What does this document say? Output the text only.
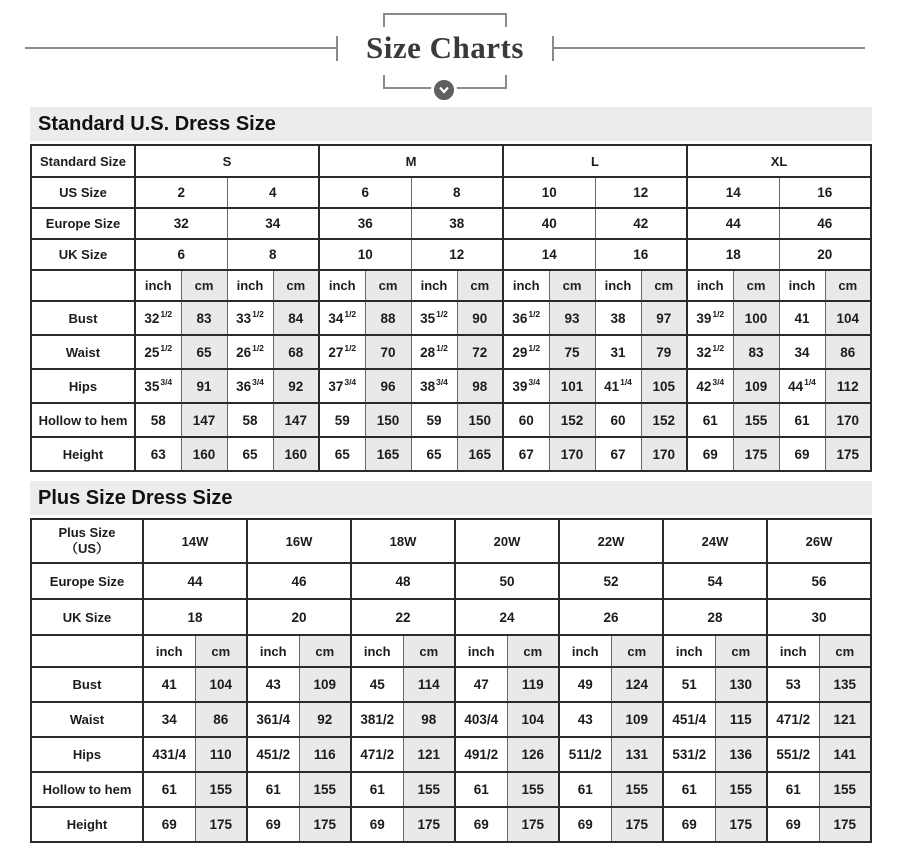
Size Charts
Standard U.S. Dress Size
Standard Size	S				M				L				XL			
US Size	2		4		6		8		10		12		14		16	
Europe Size	32		34		36		38		40		42		44		46	
UK Size	6		8		10		12		14		16		18		20	
	inch	cm	inch	cm	inch	cm	inch	cm	inch	cm	inch	cm	inch	cm	inch	cm
Bust	$32^{1/2}$	83	$33^{1/2}$	84	$34^{1/2}$	88	$35^{1/2}$	90	$36^{1/2}$	93	38	97	$39^{1/2}$	100	41	104
Waist	$25^{1/2}$	65	$26^{1/2}$	68	$27^{1/2}$	70	$28^{1/2}$	72	$29^{1/2}$	75	31	79	$32^{1/2}$	83	34	86
Hips	$35^{3/4}$	91	$36^{3/4}$	92	$37^{3/4}$	96	$38^{3/4}$	98	$39^{3/4}$	101	$41^{1/4}$	105	$42^{3/4}$	109	$44^{1/4}$	112
Hollow to hem	58	147	58	147	59	150	59	150	60	152	60	152	61	155	61	170
Height	63	160	65	160	65	165	65	165	67	170	67	170	69	175	69	175
Plus Size Dress Size
Plus Size
（US）	14W		16W		18W		20W		22W		24W		26W	
Europe Size	44		46		48		50		52		54		56	
UK Size	18		20		22		24		26		28		30	
	inch	cm	inch	cm	inch	cm	inch	cm	inch	cm	inch	cm	inch	cm
Bust	41	104	43	109	45	114	47	119	49	124	51	130	53	135
Waist	34	86	361/4	92	381/2	98	403/4	104	43	109	451/4	115	471/2	121
Hips	431/4	110	451/2	116	471/2	121	491/2	126	511/2	131	531/2	136	551/2	141
Hollow to hem	61	155	61	155	61	155	61	155	61	155	61	155	61	155
Height	69	175	69	175	69	175	69	175	69	175	69	175	69	175
